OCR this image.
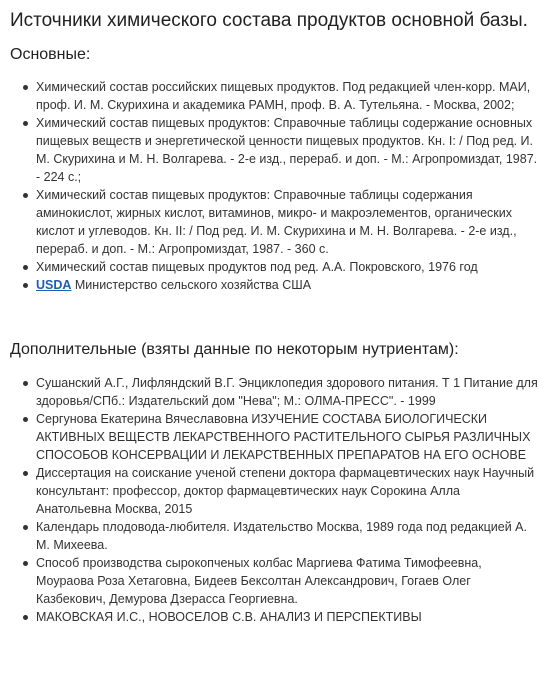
Источники химического состава продуктов основной базы.
Основные:
Химический состав российских пищевых продуктов. Под редакцией член-корр. МАИ, проф. И. М. Скурихина и академика РАМН, проф. В. А. Тутельяна. - Москва, 2002;
Химический состав пищевых продуктов: Справочные таблицы содержание основных пищевых веществ и энергетической ценности пищевых продуктов. Кн. I: / Под ред. И. М. Скурихина и М. Н. Волгарева. - 2-е изд., перераб. и доп. - М.: Агропромиздат, 1987. - 224 с.;
Химический состав пищевых продуктов: Справочные таблицы содержания аминокислот, жирных кислот, витаминов, микро- и макроэлементов, органических кислот и углеводов. Кн. II: / Под ред. И. М. Скурихина и М. Н. Волгарева. - 2-е изд., перераб. и доп. - М.: Агропромиздат, 1987. - 360 с.
Химический состав пищевых продуктов под ред. А.А. Покровского, 1976 год
USDA Министерство сельского хозяйства США
Дополнительные (взяты данные по некоторым нутриентам):
Сушанский А.Г., Лифляндский В.Г. Энциклопедия здорового питания. Т 1 Питание для здоровья/СПб.: Издательский дом "Нева"; М.: ОЛМА-ПРЕСС". - 1999
Сергунова Екатерина Вячеславовна ИЗУЧЕНИЕ СОСТАВА БИОЛОГИЧЕСКИ АКТИВНЫХ ВЕЩЕСТВ ЛЕКАРСТВЕННОГО РАСТИТЕЛЬНОГО СЫРЬЯ РАЗЛИЧНЫХ СПОСОБОВ КОНСЕРВАЦИИ И ЛЕКАРСТВЕННЫХ ПРЕПАРАТОВ НА ЕГО ОСНОВЕ
Диссертация на соискание ученой степени доктора фармацевтических наук Научный консультант: профессор, доктор фармацевтических наук Сорокина Алла Анатольевна Москва, 2015
Календарь плодовода-любителя. Издательство Москва, 1989 года под редакцией А. М. Михеева.
Способ производства сырокопченых колбас Маргиева Фатима Тимофеевна, Моураова Роза Хетаговна, Бидеев Бексолтан Александрович, Гогаев Олег Казбекович, Демурова Дзерасса Георгиевна.
МАКОВСКАЯ И.С., НОВОСЕЛОВ С.В. АНАЛИЗ И ПЕРСПЕКТИВЫ
